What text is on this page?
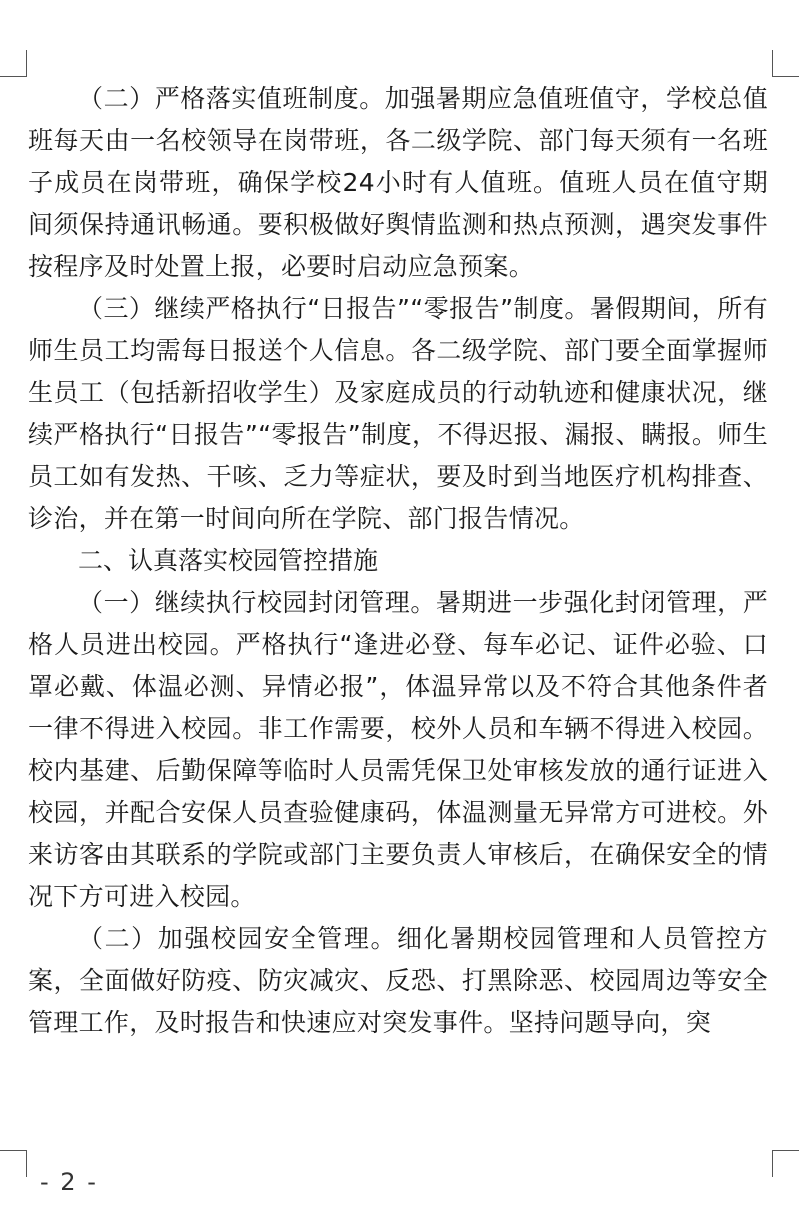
（二）严格落实值班制度。加强暑期应急值班值守，学校总值班每天由一名校领导在岗带班，各二级学院、部门每天须有一名班子成员在岗带班，确保学校24小时有人值班。值班人员在值守期间须保持通讯畅通。要积极做好舆情监测和热点预测，遇突发事件按程序及时处置上报，必要时启动应急预案。

（三）继续严格执行“日报告”“零报告”制度。暑假期间，所有师生员工均需每日报送个人信息。各二级学院、部门要全面掌握师生员工（包括新招收学生）及家庭成员的行动轨迹和健康状况，继续严格执行“日报告”“零报告”制度，不得迟报、漏报、瞒报。师生员工如有发热、干咳、乏力等症状，要及时到当地医疗机构排查、诊治，并在第一时间向所在学院、部门报告情况。

二、认真落实校园管控措施

（一）继续执行校园封闭管理。暑期进一步强化封闭管理，严格人员进出校园。严格执行“逢进必登、每车必记、证件必验、口罩必戴、体温必测、异情必报”，体温异常以及不符合其他条件者一律不得进入校园。非工作需要，校外人员和车辆不得进入校园。校内基建、后勤保障等临时人员需凭保卫处审核发放的通行证进入校园，并配合安保人员查验健康码，体温测量无异常方可进校。外来访客由其联系的学院或部门主要负责人审核后，在确保安全的情况下方可进入校园。

（二）加强校园安全管理。细化暑期校园管理和人员管控方案，全面做好防疫、防灾减灾、反恐、打黑除恶、校园周边等安全管理工作，及时报告和快速应对突发事件。坚持问题导向，突

- 2 -
